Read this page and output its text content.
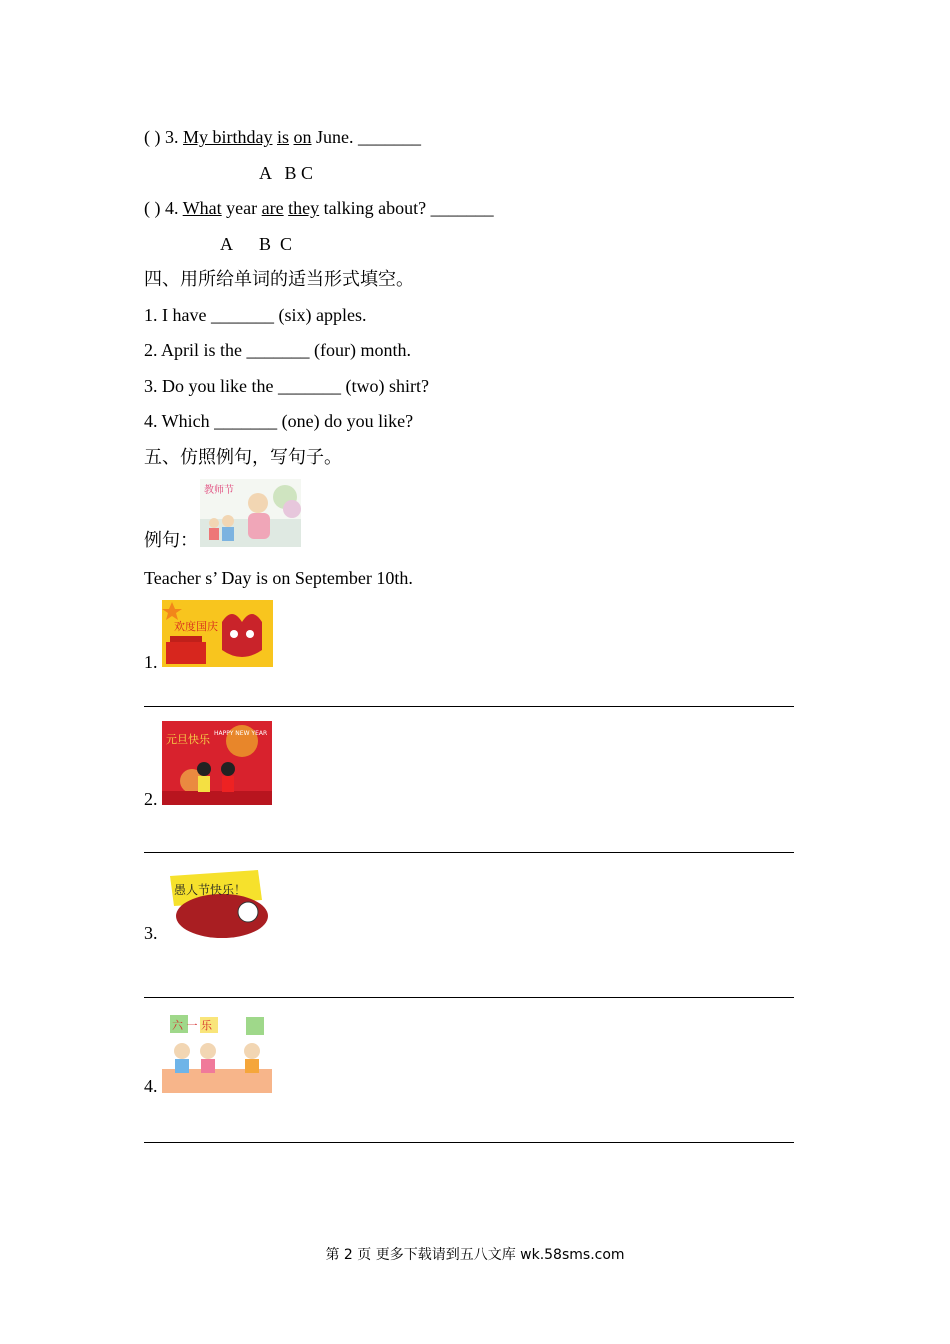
( ) 3. My birthday is on June. _______
A   B C
( ) 4. What year are they talking about? _______
A      B  C
四、用所给单词的适当形式填空。
1. I have _______ (six) apples.
2. April is the _______ (four) month.
3. Do you like the _______ (two) shirt?
4. Which _______ (one) do you like?
五、仿照例句，写句子。
例句：
教师节
Teacher s’ Day is on September 10th.
1.
欢度国庆
2.
元旦快乐 HAPPY NEW YEAR
3.
愚人节快乐！
4.
六 一 乐
第 2 页 更多下载请到五八文库 wk.58sms.com
